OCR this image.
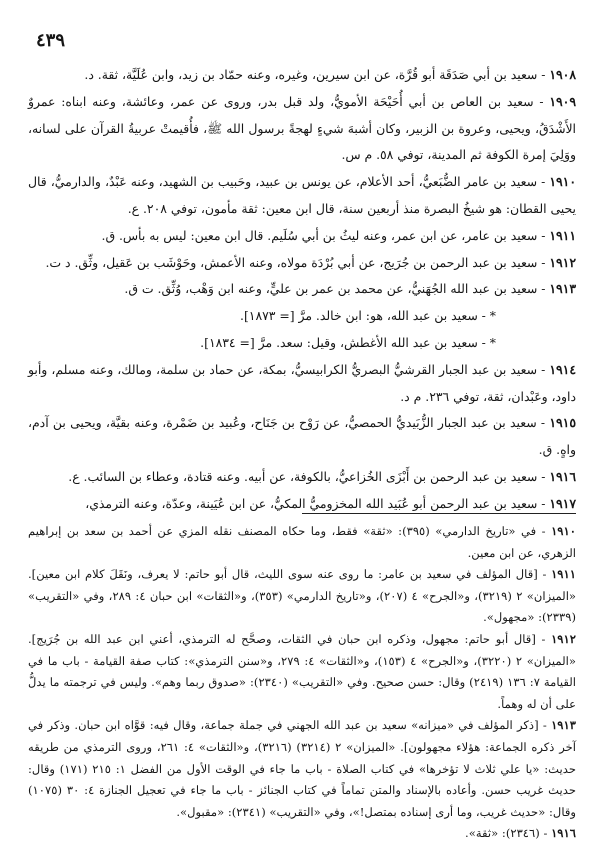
٤٣٩

١٩٠٨ - سعيد بن أبي صَدَقَة أبو قُرَّة، عن ابن سيرين، وغيره، وعنه حمّاد بن زيد، وابن عُلَيَّة، ثقة. د.

١٩٠٩ - سعيد بن العاص بن أبي أُحَيْحَة الأمويُّ، ولد قبل بدر، وروى عن عمر، وعائشة، وعنه ابناه: عمروٌ الأَشْدَقُ، ويحيى، وعروة بن الزبير، وكان أشبهَ شيءٍ لهجةً برسول الله ﷺ، فأُقيمتْ عربيةُ القرآن على لسانه، ووَلِيَ إمرة الكوفة ثم المدينة، توفي ٥٨. م س.

١٩١٠ - سعيد بن عامر الضُّبَعيُّ، أحد الأعلام، عن يونس بن عبيد، وحَبيب بن الشهيد، وعنه عَبْدٌ، والدارميُّ، قال يحيى القطان: هو شيخُ البصرة منذ أربعين سنة، قال ابن معين: ثقة مأمون، توفي ٢٠٨. ع.

١٩١١ - سعيد بن عامر، عن ابن عمر، وعنه ليثُ بن أبي سُلَيم. قال ابن معين: ليس به بأس. ق.

١٩١٢ - سعيد بن عبد الرحمن بن جُرَيج، عن أبي بُرْدَة مولاه، وعنه الأعمش، وحَوْشَب بن عَقيل، وثِّق. د ت.

١٩١٣ - سعيد بن عبد الله الجُهَنيُّ، عن محمد بن عمر بن عليٍّ، وعنه ابن وَهْب، وُثِّق. ت ق.

* - سعيد بن عبد الله، هو: ابن خالد. مرَّ [= ١٨٧٣].

* - سعيد بن عبد الله الأغطش، وقيل: سعد. مرَّ [= ١٨٣٤].

١٩١٤ - سعيد بن عبد الجبار القرشيُّ البصريُّ الكرابيسيُّ، بمكة، عن حماد بن سلمة، ومالك، وعنه مسلم، وأبو داود، وعَبْدان، ثقة، توفي ٢٣٦. م د.

١٩١٥ - سعيد بن عبد الجبار الزُّبَيديُّ الحمصيُّ، عن رَوْح بن جَنَاح، وعُبيد بن ضَمْرة، وعنه بقيَّة، ويحيى بن آدم، واهٍ. ق.

١٩١٦ - سعيد بن عبد الرحمن بن أَبْزَى الخُزاعيُّ، بالكوفة، عن أبيه. وعنه قتادة، وعطاء بن السائب. ع.

١٩١٧ - سعيد بن عبد الرحمن أبو عُبَيد الله المخزوميُّ المكيُّ، عن ابن عُيَينة، وعدّة، وعنه الترمذي،

١٩١٠ - في «تاريخ الدارمي» (٣٩٥): «ثقة» فقط، وما حكاه المصنف نقله المزي عن أحمد بن سعد بن إبراهيم الزهري، عن ابن معين.

١٩١١ - [قال المؤلف في سعيد بن عامر: ما روى عنه سوى الليث، قال أبو حاتم: لا يعرف، ونَقَلَ كلام ابن معين]. «الميزان» ٢ (٣٢١٩)، و«الجرح» ٤ (٢٠٧)، و«تاريخ الدارمي» (٣٥٣)، و«الثقات» ابن حبان ٤: ٢٨٩، وفي «التقريب» (٢٣٣٩): «مجهول».

١٩١٢ - [قال أبو حاتم: مجهول، وذكره ابن حبان في الثقات، وصحَّح له الترمذي، أعني ابن عبد الله بن جُرَيج]. «الميزان» ٢ (٣٢٢٠)، و«الجرح» ٤ (١٥٣)، و«الثقات» ٤: ٢٧٩، و«سنن الترمذي»: كتاب صفة القيامة - باب ما في القيامة ٧: ١٣٦ (٢٤١٩) وقال: حسن صحيح. وفي «التقريب» (٢٣٤٠): «صدوق ربما وهم». وليس في ترجمته ما يدلُّ على أن له وهماً.

١٩١٣ - [ذكر المؤلف في «ميزانه» سعيد بن عبد الله الجهني في جملة جماعة، وقال فيه: قوَّاه ابن حبان. وذكر في آخر ذكره الجماعة: هؤلاء مجهولون]. «الميزان» ٢ (٣٢١٤) (٣٢١٦)، و«الثقات» ٤: ٢٦١، وروى الترمذي من طريقه حديث: «يا علي ثلاث لا تؤخرها» في كتاب الصلاة - باب ما جاء في الوقت الأول من الفضل ١: ٢١٥ (١٧١) وقال: حديث غريب حسن. وأعاده بالإسناد والمتن تماماً في كتاب الجنائز - باب ما جاء في تعجيل الجنازة ٤: ٣٠ (١٠٧٥) وقال: «حديث غريب، وما أرى إسناده بمتصل!»، وفي «التقريب» (٢٣٤١): «مقبول».

١٩١٦ - (٢٣٤٦): «ثقة».
